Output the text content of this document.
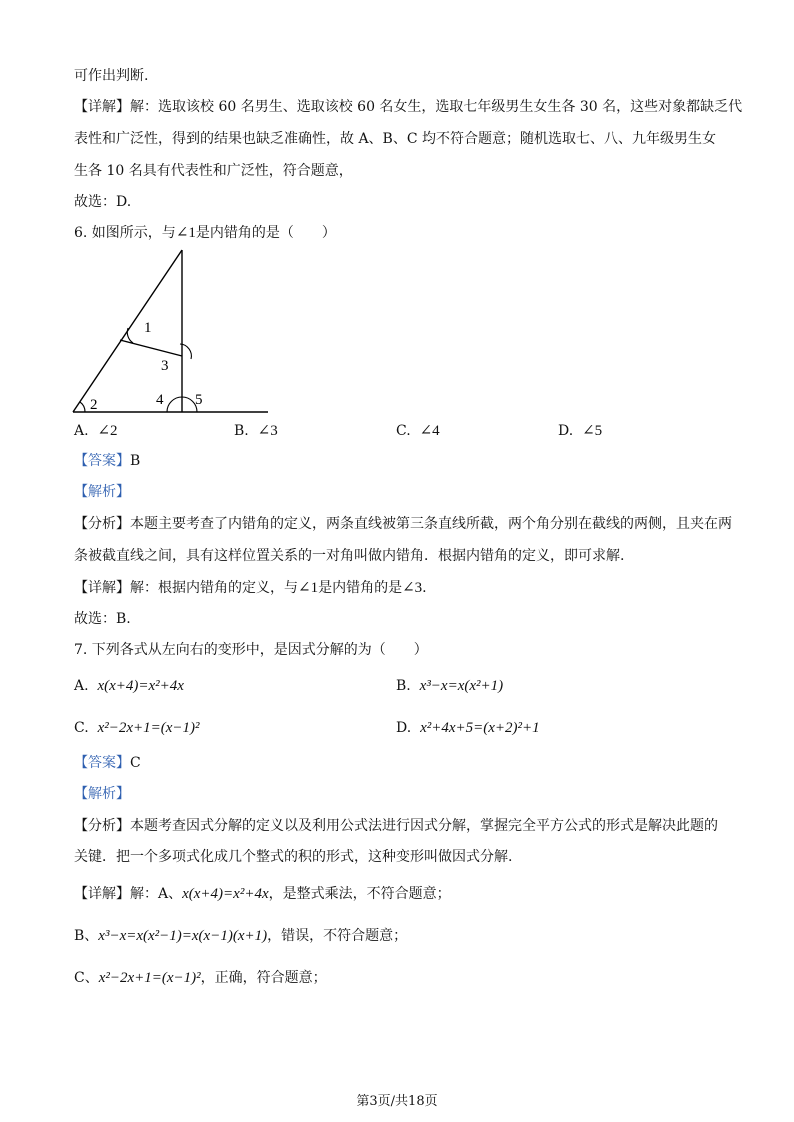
可作出判断.
【详解】解：选取该校 60 名男生、选取该校 60 名女生，选取七年级男生女生各 30 名，这些对象都缺乏代
表性和广泛性，得到的结果也缺乏准确性，故 A、B、C 均不符合题意；随机选取七、八、九年级男生女
生各 10 名具有代表性和广泛性，符合题意，
故选：D.
6. 如图所示，与∠1是内错角的是（　　）
1
2
3
4 5
A. ∠2	B. ∠3	C. ∠4	D. ∠5
【答案】B
【解析】
【分析】本题主要考查了内错角的定义，两条直线被第三条直线所截，两个角分别在截线的两侧，且夹在两
条被截直线之间，具有这样位置关系的一对角叫做内错角．根据内错角的定义，即可求解.
【详解】解：根据内错角的定义，与∠1是内错角的是∠3.
故选：B.
7. 下列各式从左向右的变形中，是因式分解的为（　　）
A. x(x+4)=x²+4x	B. x³−x=x(x²+1)
C. x²−2x+1=(x−1)²	D. x²+4x+5=(x+2)²+1
【答案】C
【解析】
【分析】本题考查因式分解的定义以及利用公式法进行因式分解，掌握完全平方公式的形式是解决此题的
关键．把一个多项式化成几个整式的积的形式，这种变形叫做因式分解.
【详解】解：A、x(x+4)=x²+4x，是整式乘法，不符合题意；
B、x³−x=x(x²−1)=x(x−1)(x+1)，错误，不符合题意；
C、x²−2x+1=(x−1)²，正确，符合题意；
第3页/共18页
